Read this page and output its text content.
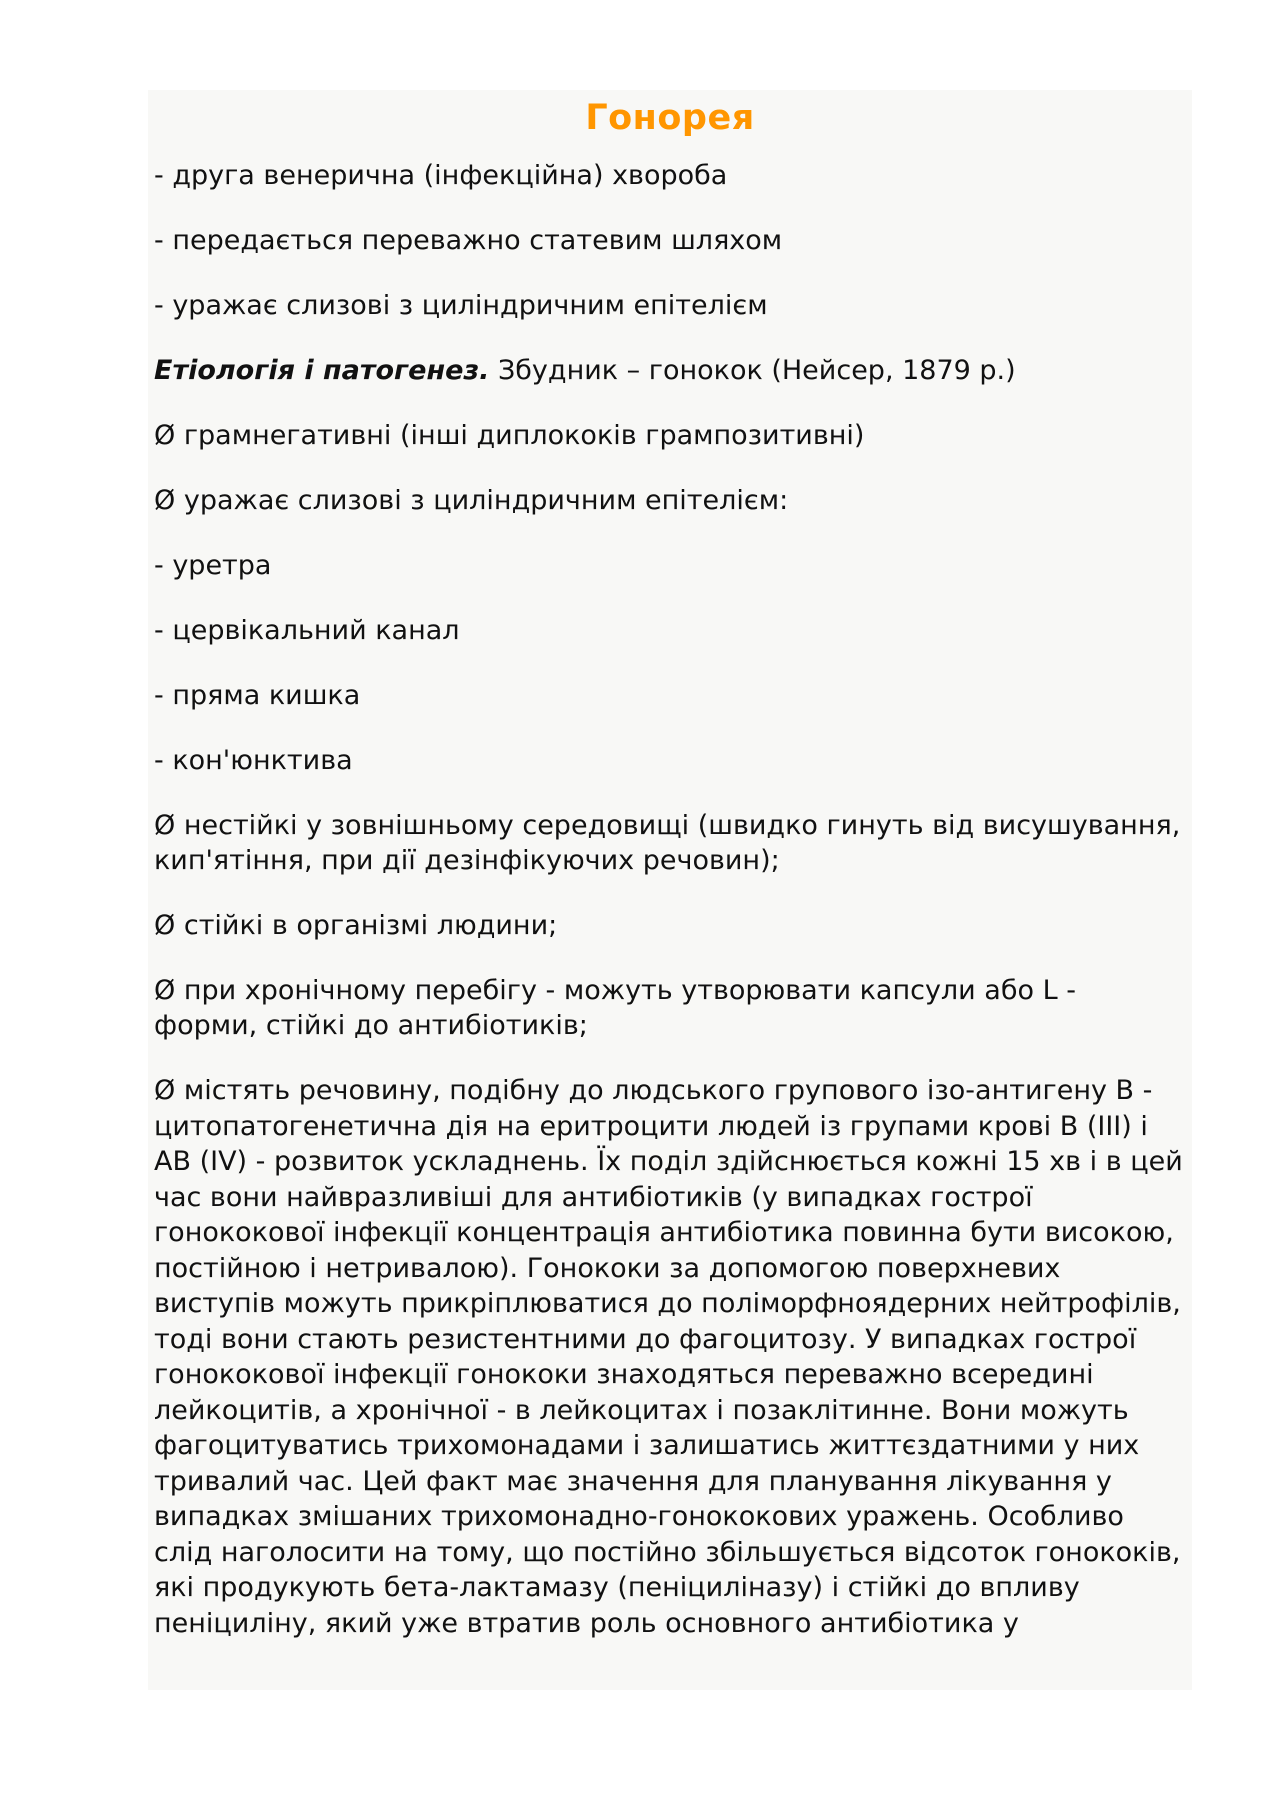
Гонорея

- друга венерична (інфекційна) хвороба

- передається переважно статевим шляхом

- уражає слизові з циліндричним епітелієм

Етіологія і патогенез. Збудник – гонокок (Нейсер, 1879 р.)

Ø грамнегативні (інші диплококів грампозитивні)

Ø уражає слизові з циліндричним епітелієм:

- уретра

- цервікальний канал

- пряма кишка

- кон'юнктива

Ø нестійкі у зовнішньому середовищі (швидко гинуть від висушування, кип'ятіння, при дії дезінфікуючих речовин);

Ø стійкі в організмі людини;

Ø при хронічному перебігу - можуть утворювати капсули або L - форми, стійкі до антибіотиків;

Ø містять речовину, подібну до людського групового ізо-антигену В - цитопатогенетична дія на еритроцити людей із групами крові В (ІІІ) і АВ (IV) - розвиток ускладнень. Їх поділ здійснюється кожні 15 хв і в цей час вони найвразливіші для антибіотиків (у випадках гострої гонококової інфекції концентрація антибіотика повинна бути високою, постійною і нетривалою). Гонококи за допомогою поверхневих виступів можуть прикріплюватися до поліморфноядерних нейтрофілів, тоді вони стають резистентними до фагоцитозу. У випадках гострої гонококової інфекції гонококи знаходяться переважно всередині лейкоцитів, а хронічної - в лейкоцитах і позаклітинне. Вони можуть фагоцитуватись трихомонадами і залишатись життєздатними у них тривалий час. Цей факт має значення для планування лікування у випадках змішаних трихомонадно-гонококових уражень. Особливо слід наголосити на тому, що постійно збільшується відсоток гонококів, які продукують бета-лактамазу (пеніциліназу) і стійкі до впливу пеніциліну, який уже втратив роль основного антибіотика у
